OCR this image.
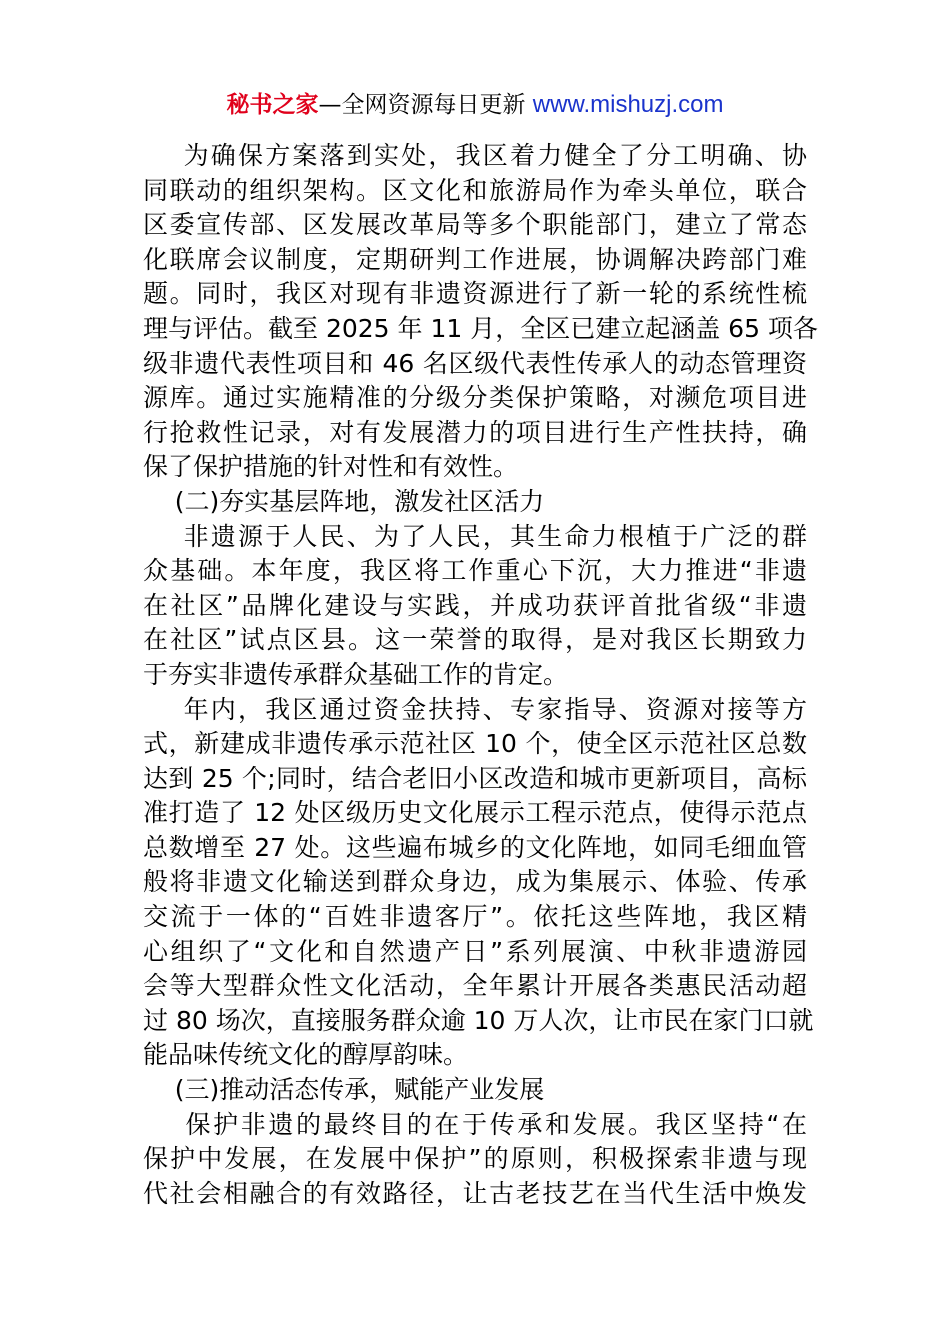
秘书之家—全网资源每日更新 www.mishuzj.com
为确保方案落到实处，我区着力健全了分工明确、协
同联动的组织架构。区文化和旅游局作为牵头单位，联合
区委宣传部、区发展改革局等多个职能部门，建立了常态
化联席会议制度，定期研判工作进展，协调解决跨部门难
题。同时，我区对现有非遗资源进行了新一轮的系统性梳
理与评估。截至 2025 年 11 月，全区已建立起涵盖 65 项各
级非遗代表性项目和 46 名区级代表性传承人的动态管理资
源库。通过实施精准的分级分类保护策略，对濒危项目进
行抢救性记录，对有发展潜力的项目进行生产性扶持，确
保了保护措施的针对性和有效性。
(二)夯实基层阵地，激发社区活力
非遗源于人民、为了人民，其生命力根植于广泛的群
众基础。本年度，我区将工作重心下沉，大力推进“非遗
在社区”品牌化建设与实践，并成功获评首批省级“非遗
在社区”试点区县。这一荣誉的取得，是对我区长期致力
于夯实非遗传承群众基础工作的肯定。
年内，我区通过资金扶持、专家指导、资源对接等方
式，新建成非遗传承示范社区 10 个，使全区示范社区总数
达到 25 个;同时，结合老旧小区改造和城市更新项目，高标
准打造了 12 处区级历史文化展示工程示范点，使得示范点
总数增至 27 处。这些遍布城乡的文化阵地，如同毛细血管
般将非遗文化输送到群众身边，成为集展示、体验、传承
交流于一体的“百姓非遗客厅”。依托这些阵地，我区精
心组织了“文化和自然遗产日”系列展演、中秋非遗游园
会等大型群众性文化活动，全年累计开展各类惠民活动超
过 80 场次，直接服务群众逾 10 万人次，让市民在家门口就
能品味传统文化的醇厚韵味。
(三)推动活态传承，赋能产业发展
保护非遗的最终目的在于传承和发展。我区坚持“在
保护中发展，在发展中保护”的原则，积极探索非遗与现
代社会相融合的有效路径，让古老技艺在当代生活中焕发
